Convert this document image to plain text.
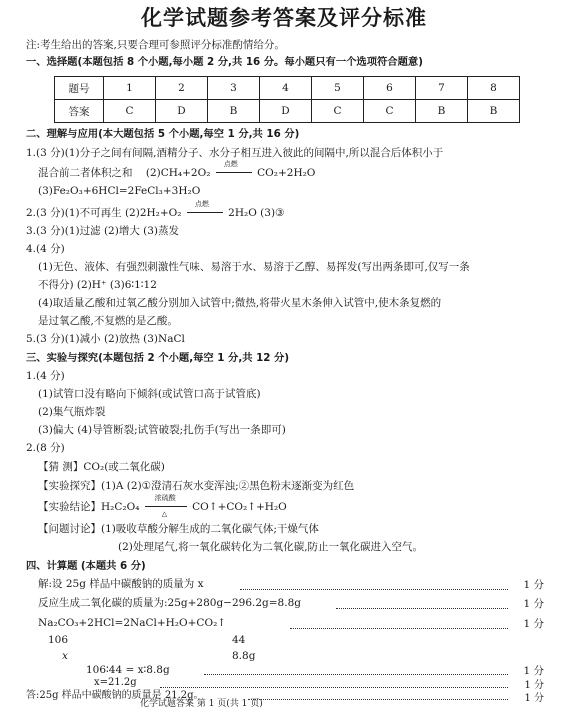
化学试题参考答案及评分标准
注:考生给出的答案,只要合理可参照评分标准酌情给分。
一、选择题(本题包括 8 个小题,每小题 2 分,共 16 分。每小题只有一个选项符合题意)
题号	1	2	3	4	5	6	7	8
答案	C	D	B	D	C	C	B	B
二、理解与应用(本大题包括 5 个小题,每空 1 分,共 16 分)
1.(3 分)(1)分子之间有间隔,酒精分子、水分子相互进入彼此的间隔中,所以混合后体积小于
混合前二者体积之和 (2)CH₄+2O₂
点燃
CO₂+2H₂O
(3)Fe₂O₃+6HCl=2FeCl₃+3H₂O
2.(3 分)(1)不可再生 (2)2H₂+O₂
点燃
2H₂O (3)③
3.(3 分)(1)过滤 (2)增大 (3)蒸发
4.(4 分)
(1)无色、液体、有强烈刺激性气味、易溶于水、易溶于乙醇、易挥发(写出两条即可,仅写一条
不得分) (2)H⁺ (3)6∶1∶12
(4)取适量乙酸和过氧乙酸分别加入试管中;微热,将带火星木条伸入试管中,使木条复燃的
是过氧乙酸,不复燃的是乙酸。
5.(3 分)(1)减小 (2)放热 (3)NaCl
三、实验与探究(本题包括 2 个小题,每空 1 分,共 12 分)
1.(4 分)
(1)试管口没有略向下倾斜(或试管口高于试管底)
(2)集气瓶炸裂
(3)偏大 (4)导管断裂;试管破裂;扎伤手(写出一条即可)
2.(8 分)
【猜 测】CO₂(或二氧化碳)
【实验探究】(1)A (2)①澄清石灰水变浑浊;②黑色粉末逐渐变为红色
【实验结论】H₂C₂O₄
浓硫酸
△
CO↑+CO₂↑+H₂O
【问题讨论】(1)吸收草酸分解生成的二氧化碳气体;干燥气体
(2)处理尾气,将一氧化碳转化为二氧化碳,防止一氧化碳进入空气。
四、计算题 (本题共 6 分)
解:设 25g 样品中碳酸钠的质量为 x	1 分
反应生成二氧化碳的质量为:25g+280g−296.2g=8.8g	1 分
Na₂CO₃+2HCl=2NaCl+H₂O+CO₂↑	1 分
106	44
x	8.8g
106∶44 = x∶8.8g	1 分
x=21.2g	1 分
答:25g 样品中碳酸钠的质量是 21.2g。	1 分
化学试题答案 第 1 页(共 1 页)
